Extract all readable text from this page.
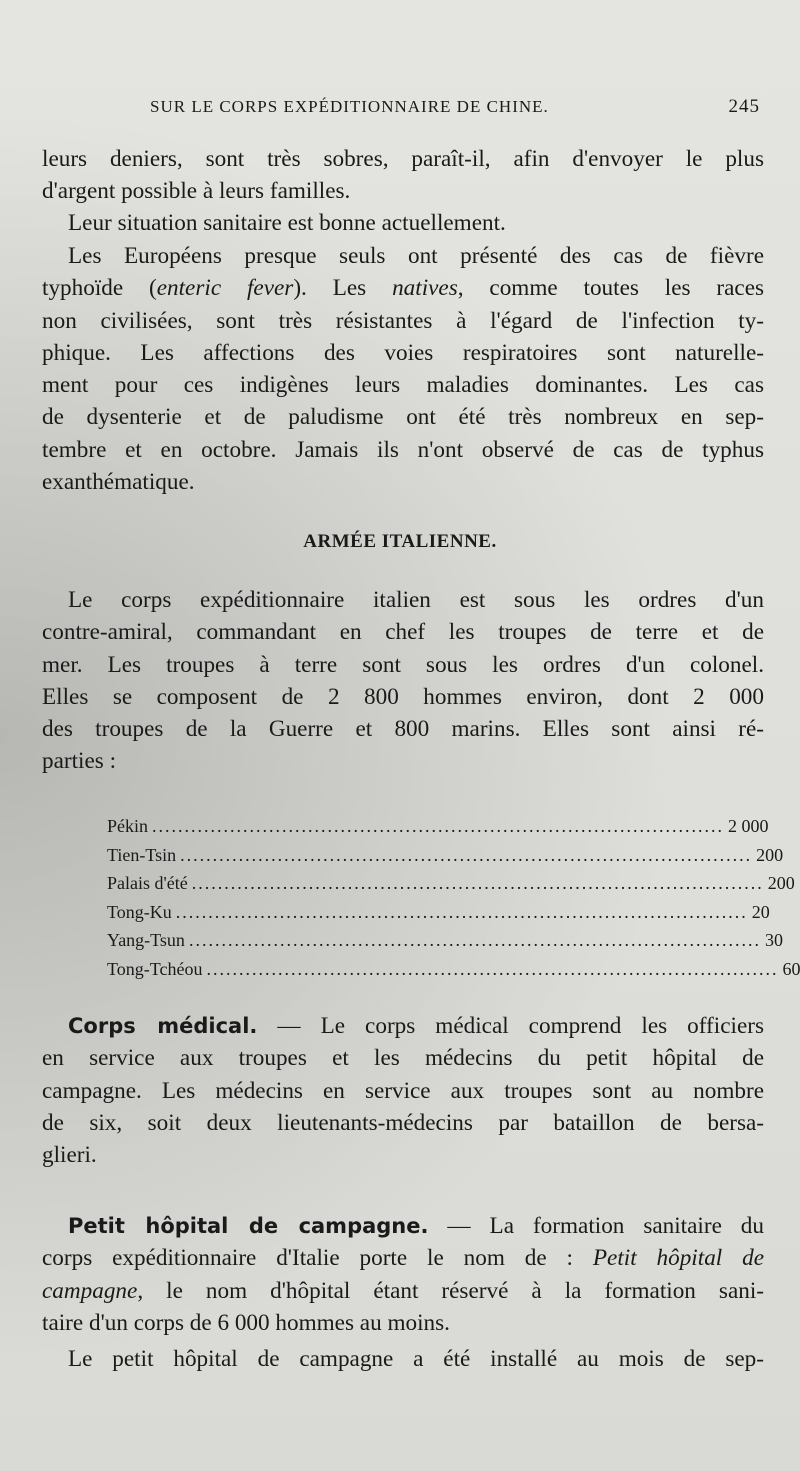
SUR LE CORPS EXPÉDITIONNAIRE DE CHINE.	245
leurs deniers, sont très sobres, paraît-il, afin d'envoyer le plus
d'argent possible à leurs familles.
Leur situation sanitaire est bonne actuellement.
Les Européens presque seuls ont présenté des cas de fièvre
typhoïde (enteric fever). Les natives, comme toutes les races
non civilisées, sont très résistantes à l'égard de l'infection ty-
phique. Les affections des voies respiratoires sont naturelle-
ment pour ces indigènes leurs maladies dominantes. Les cas
de dysenterie et de paludisme ont été très nombreux en sep-
tembre et en octobre. Jamais ils n'ont observé de cas de typhus
exanthématique.
ARMÉE ITALIENNE.
Le corps expéditionnaire italien est sous les ordres d'un
contre-amiral, commandant en chef les troupes de terre et de
mer. Les troupes à terre sont sous les ordres d'un colonel.
Elles se composent de 2 800 hommes environ, dont 2 000
des troupes de la Guerre et 800 marins. Elles sont ainsi ré-
parties :
Pékin ........................................................................................ 2 000
Tien-Tsin ........................................................................................ 200
Palais d'été ........................................................................................ 200
Tong-Ku ........................................................................................ 20
Yang-Tsun ........................................................................................ 30
Tong-Tchéou ........................................................................................ 60
Corps médical. — Le corps médical comprend les officiers
en service aux troupes et les médecins du petit hôpital de
campagne. Les médecins en service aux troupes sont au nombre
de six, soit deux lieutenants-médecins par bataillon de bersa-
glieri.
Petit hôpital de campagne. — La formation sanitaire du
corps expéditionnaire d'Italie porte le nom de : Petit hôpital de
campagne, le nom d'hôpital étant réservé à la formation sani-
taire d'un corps de 6 000 hommes au moins.
Le petit hôpital de campagne a été installé au mois de sep-
